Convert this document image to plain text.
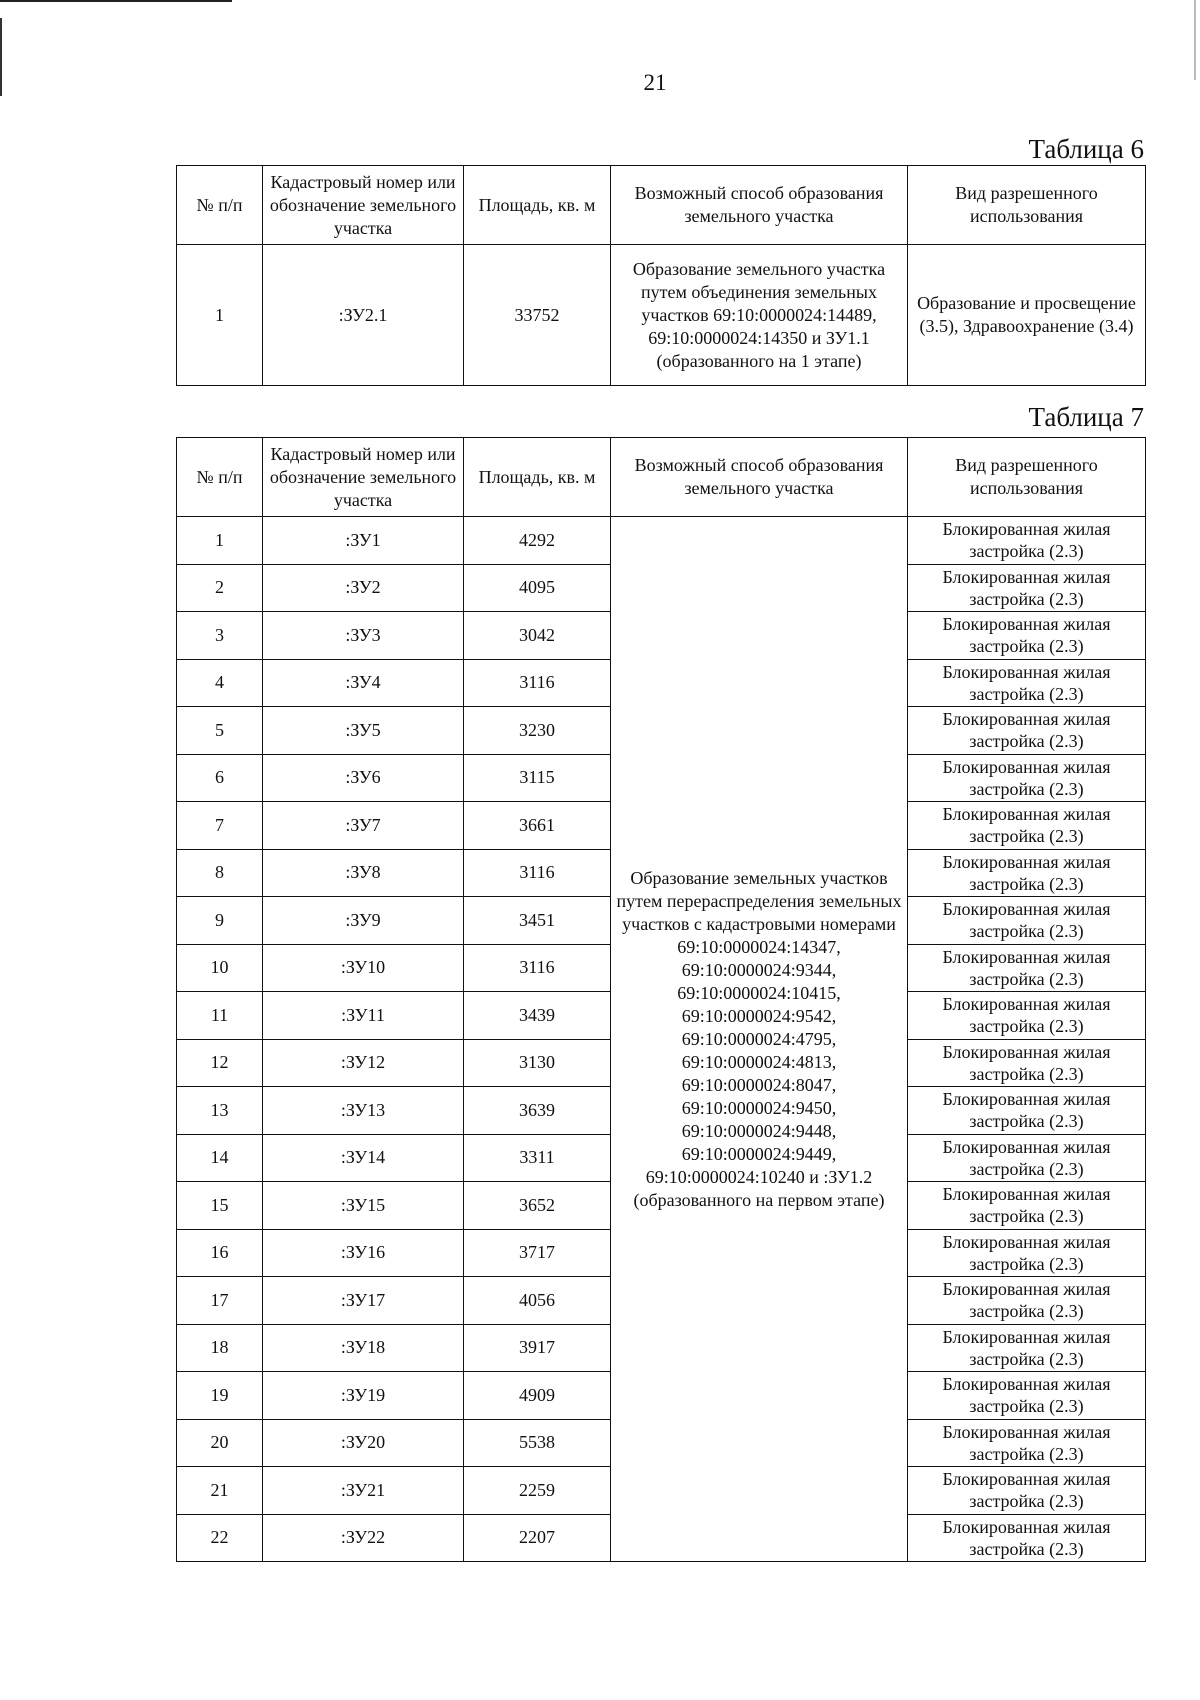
21
Таблица 6
№ п/п	Кадастровый номер или обозначение земельного участка	Площадь, кв. м	Возможный способ образования земельного участка	Вид разрешенного использования
1	:ЗУ2.1	33752	Образование земельного участка путем объединения земельных участков 69:10:0000024:14489, 69:10:0000024:14350 и ЗУ1.1 (образованного на 1 этапе)	Образование и просвещение (3.5), Здравоохранение (3.4)
Таблица 7
№ п/п	Кадастровый номер или обозначение земельного участка	Площадь, кв. м	Возможный способ образования земельного участка	Вид разрешенного использования
1	:ЗУ1	4292	Образование земельных участков путем перераспределения земельных участков с кадастровыми номерами 69:10:0000024:14347, 69:10:0000024:9344, 69:10:0000024:10415, 69:10:0000024:9542, 69:10:0000024:4795, 69:10:0000024:4813, 69:10:0000024:8047, 69:10:0000024:9450, 69:10:0000024:9448, 69:10:0000024:9449, 69:10:0000024:10240 и :ЗУ1.2 (образованного на первом этапе)	Блокированная жилая застройка (2.3)
2	:ЗУ2	4095		Блокированная жилая застройка (2.3)
3	:ЗУ3	3042		Блокированная жилая застройка (2.3)
4	:ЗУ4	3116		Блокированная жилая застройка (2.3)
5	:ЗУ5	3230		Блокированная жилая застройка (2.3)
6	:ЗУ6	3115		Блокированная жилая застройка (2.3)
7	:ЗУ7	3661		Блокированная жилая застройка (2.3)
8	:ЗУ8	3116		Блокированная жилая застройка (2.3)
9	:ЗУ9	3451		Блокированная жилая застройка (2.3)
10	:ЗУ10	3116		Блокированная жилая застройка (2.3)
11	:ЗУ11	3439		Блокированная жилая застройка (2.3)
12	:ЗУ12	3130		Блокированная жилая застройка (2.3)
13	:ЗУ13	3639		Блокированная жилая застройка (2.3)
14	:ЗУ14	3311		Блокированная жилая застройка (2.3)
15	:ЗУ15	3652		Блокированная жилая застройка (2.3)
16	:ЗУ16	3717		Блокированная жилая застройка (2.3)
17	:ЗУ17	4056		Блокированная жилая застройка (2.3)
18	:ЗУ18	3917		Блокированная жилая застройка (2.3)
19	:ЗУ19	4909		Блокированная жилая застройка (2.3)
20	:ЗУ20	5538		Блокированная жилая застройка (2.3)
21	:ЗУ21	2259		Блокированная жилая застройка (2.3)
22	:ЗУ22	2207		Блокированная жилая застройка (2.3)
